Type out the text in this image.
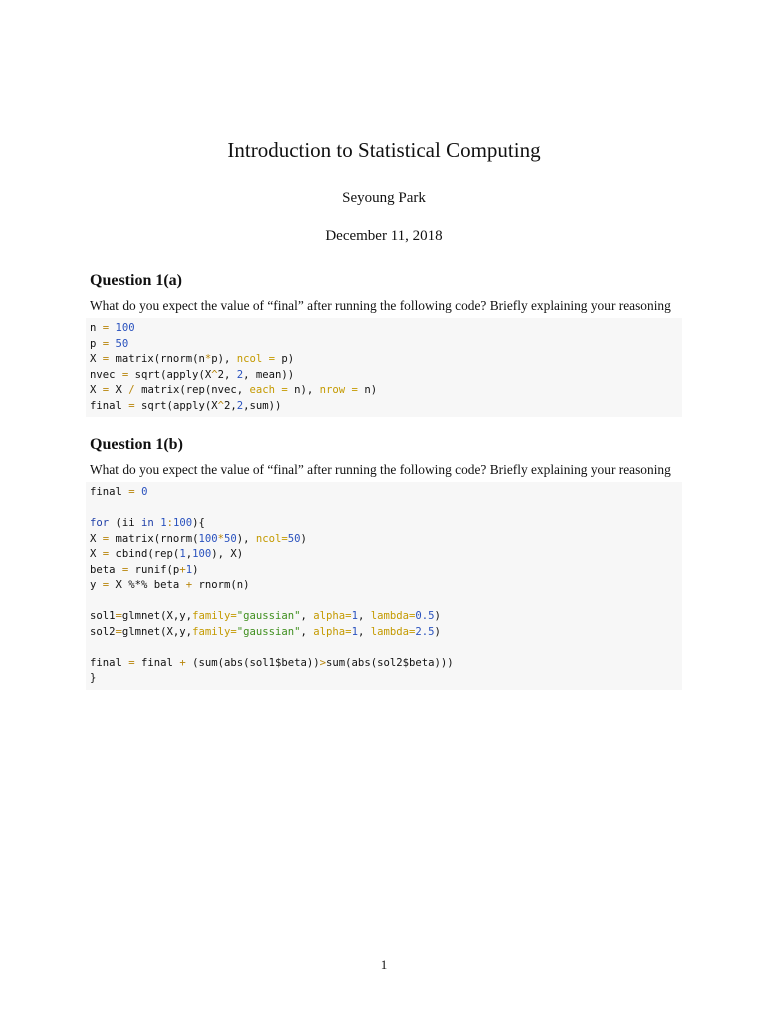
Introduction to Statistical Computing
Seyoung Park
December 11, 2018
Question 1(a)
What do you expect the value of “final” after running the following code? Briefly explaining your reasoning
n = 100
p = 50
X = matrix(rnorm(n*p), ncol = p)
nvec = sqrt(apply(X^2, 2, mean))
X = X / matrix(rep(nvec, each = n), nrow = n)
final = sqrt(apply(X^2,2,sum))
Question 1(b)
What do you expect the value of “final” after running the following code? Briefly explaining your reasoning
final = 0
for (ii in 1:100){
X = matrix(rnorm(100*50), ncol=50)
X = cbind(rep(1,100), X)
beta = runif(p+1)
y = X %*% beta + rnorm(n)
sol1=glmnet(X,y,family="gaussian", alpha=1, lambda=0.5)
sol2=glmnet(X,y,family="gaussian", alpha=1, lambda=2.5)
final = final + (sum(abs(sol1$beta))>sum(abs(sol2$beta)))
}
1
